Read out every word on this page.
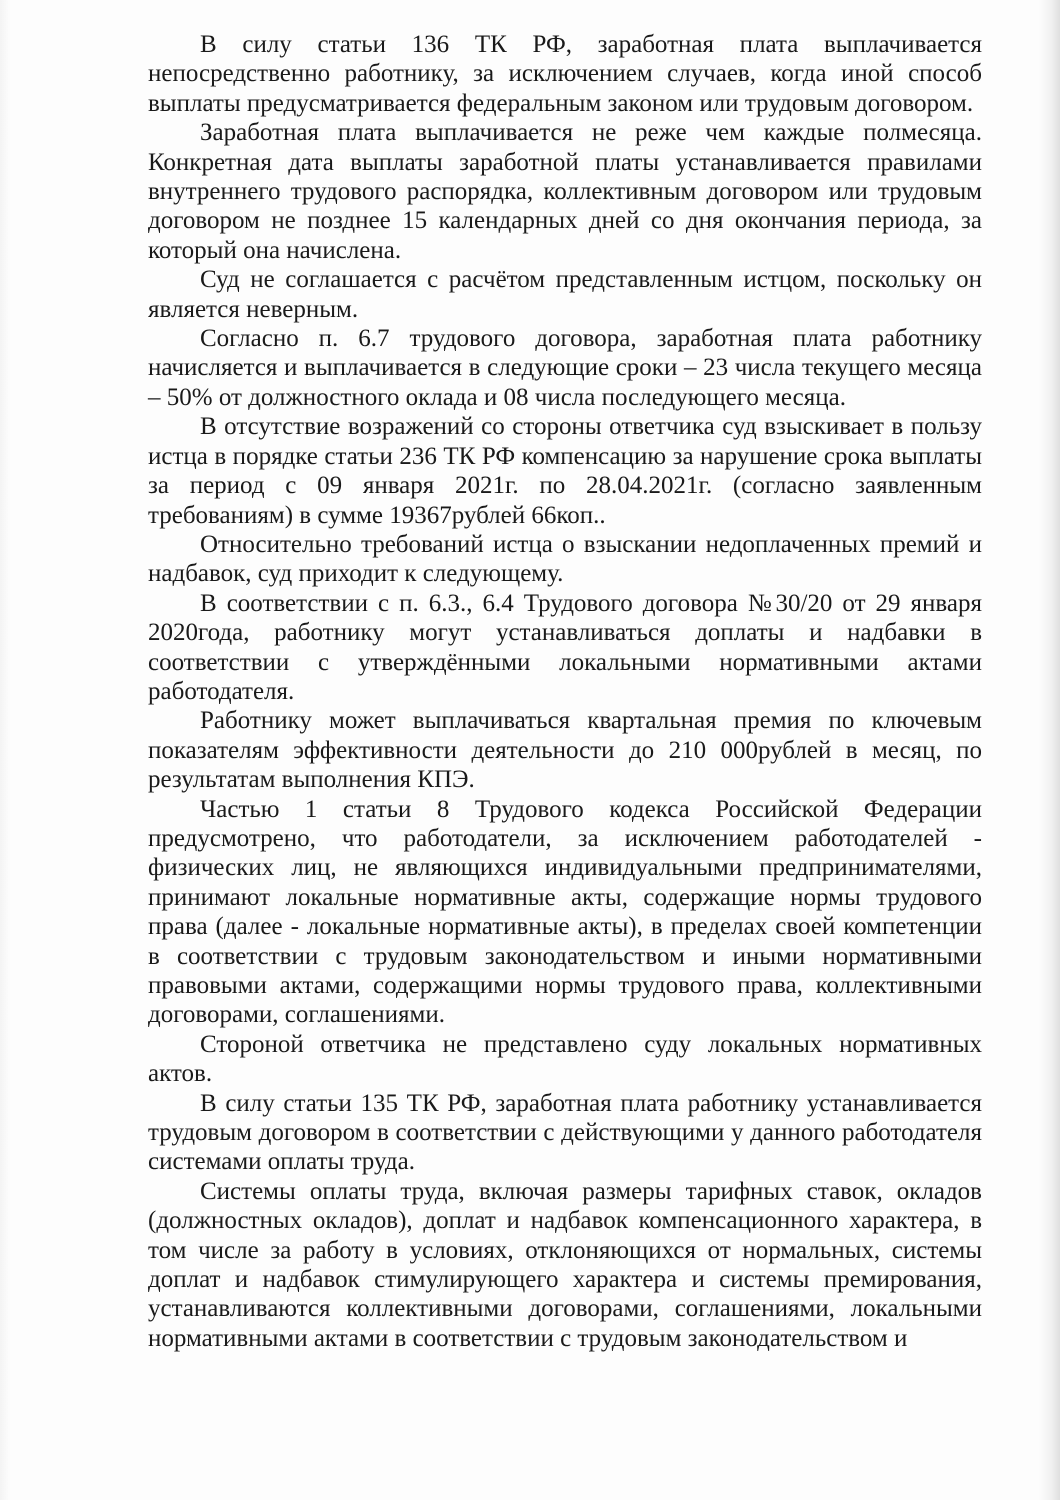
В силу статьи 136 ТК РФ, заработная плата выплачивается непосредственно работнику, за исключением случаев, когда иной способ выплаты предусматривается федеральным законом или трудовым договором.

Заработная плата выплачивается не реже чем каждые полмесяца. Конкретная дата выплаты заработной платы устанавливается правилами внутреннего трудового распорядка, коллективным договором или трудовым договором не позднее 15 календарных дней со дня окончания периода, за который она начислена.

Суд не соглашается с расчётом представленным истцом, поскольку он является неверным.

Согласно п. 6.7 трудового договора, заработная плата работнику начисляется и выплачивается в следующие сроки – 23 числа текущего месяца – 50% от должностного оклада и 08 числа последующего месяца.

В отсутствие возражений со стороны ответчика суд взыскивает в пользу истца в порядке статьи 236 ТК РФ компенсацию за нарушение срока выплаты за период с 09 января 2021г. по 28.04.2021г. (согласно заявленным требованиям) в сумме 19367рублей 66коп..

Относительно требований истца о взыскании недоплаченных премий и надбавок, суд приходит к следующему.

В соответствии с п. 6.3., 6.4 Трудового договора №30/20 от 29 января 2020года, работнику могут устанавливаться доплаты и надбавки в соответствии с утверждёнными локальными нормативными актами работодателя.

Работнику может выплачиваться квартальная премия по ключевым показателям эффективности деятельности до 210 000рублей в месяц, по результатам выполнения КПЭ.

Частью 1 статьи 8 Трудового кодекса Российской Федерации предусмотрено, что работодатели, за исключением работодателей - физических лиц, не являющихся индивидуальными предпринимателями, принимают локальные нормативные акты, содержащие нормы трудового права (далее - локальные нормативные акты), в пределах своей компетенции в соответствии с трудовым законодательством и иными нормативными правовыми актами, содержащими нормы трудового права, коллективными договорами, соглашениями.

Стороной ответчика не представлено суду локальных нормативных актов.

В силу статьи 135 ТК РФ, заработная плата работнику устанавливается трудовым договором в соответствии с действующими у данного работодателя системами оплаты труда.

Системы оплаты труда, включая размеры тарифных ставок, окладов (должностных окладов), доплат и надбавок компенсационного характера, в том числе за работу в условиях, отклоняющихся от нормальных, системы доплат и надбавок стимулирующего характера и системы премирования, устанавливаются коллективными договорами, соглашениями, локальными нормативными актами в соответствии с трудовым законодательством и
